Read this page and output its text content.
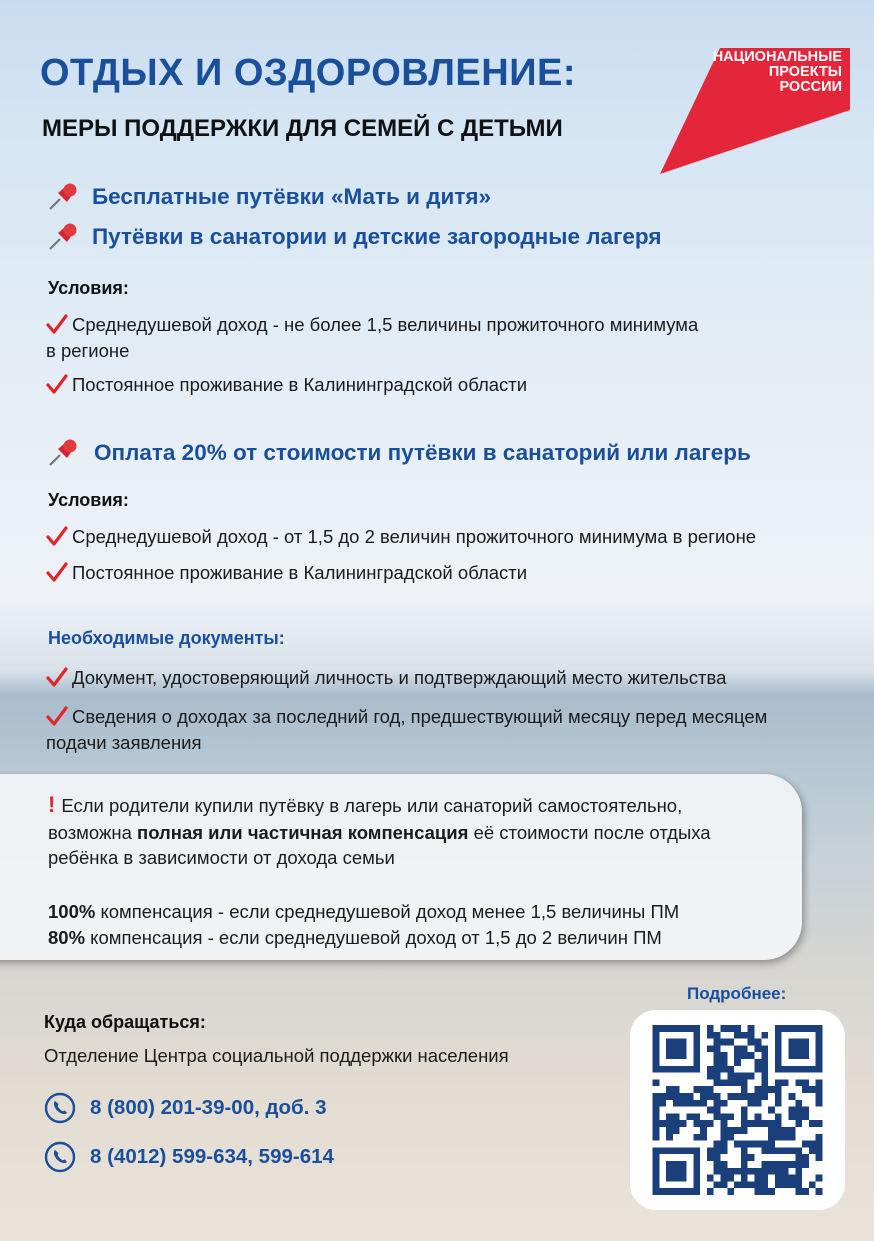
НАЦИОНАЛЬНЫЕ
ПРОЕКТЫ
РОССИИ
ОТДЫХ И ОЗДОРОВЛЕНИЕ:
МЕРЫ ПОДДЕРЖКИ ДЛЯ СЕМЕЙ С ДЕТЬМИ
Бесплатные путёвки «Мать и дитя»
Путёвки в санатории и детские загородные лагеря
Условия:
Среднедушевой доход - не более 1,5 величины прожиточного минимума
в регионе
Постоянное проживание в Калининградской области
Оплата 20% от стоимости путёвки в санаторий или лагерь
Условия:
Среднедушевой доход - от 1,5 до 2 величин прожиточного минимума в регионе
Постоянное проживание в Калининградской области
Необходимые документы:
Документ, удостоверяющий личность и подтверждающий место жительства
Сведения о доходах за последний год, предшествующий месяцу перед месяцем
подачи заявления
! Если родители купили путёвку в лагерь или санаторий самостоятельно,
возможна полная или частичная компенсация её стоимости после отдыха
ребёнка в зависимости от дохода семьи
100% компенсация - если среднедушевой доход менее 1,5 величины ПМ
80% компенсация - если среднедушевой доход от 1,5 до 2 величин ПМ
Куда обращаться:
Отделение Центра социальной поддержки населения
8 (800) 201-39-00, доб. 3
8 (4012) 599-634, 599-614
Подробнее:
